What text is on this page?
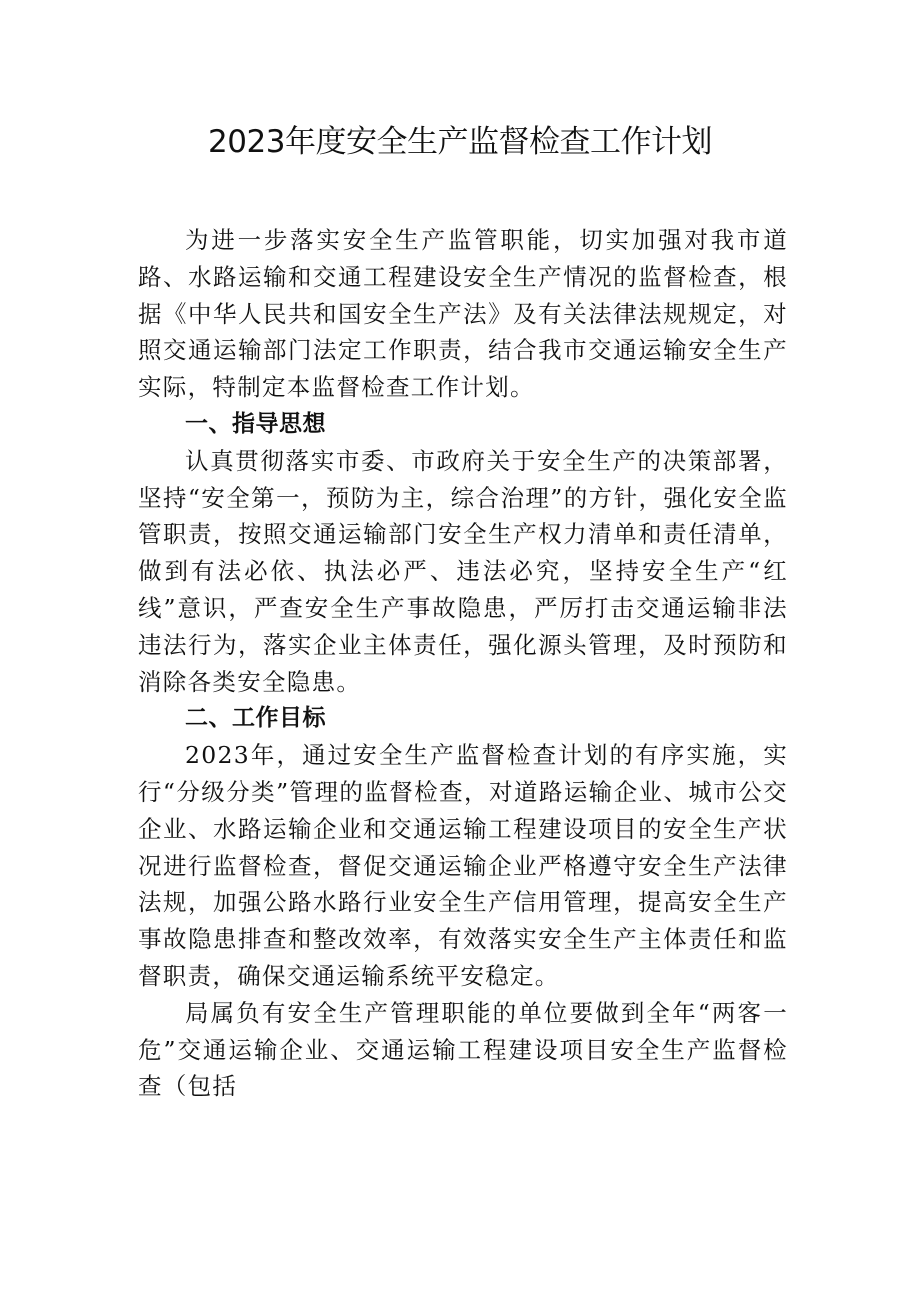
2023年度安全生产监督检查工作计划

为进一步落实安全生产监管职能，切实加强对我市道路、水路运输和交通工程建设安全生产情况的监督检查，根据《中华人民共和国安全生产法》及有关法律法规规定，对照交通运输部门法定工作职责，结合我市交通运输安全生产实际，特制定本监督检查工作计划。

一、指导思想

认真贯彻落实市委、市政府关于安全生产的决策部署，坚持“安全第一，预防为主，综合治理”的方针，强化安全监管职责，按照交通运输部门安全生产权力清单和责任清单，做到有法必依、执法必严、违法必究，坚持安全生产“红线”意识，严查安全生产事故隐患，严厉打击交通运输非法违法行为，落实企业主体责任，强化源头管理，及时预防和消除各类安全隐患。

二、工作目标

2023年，通过安全生产监督检查计划的有序实施，实行“分级分类”管理的监督检查，对道路运输企业、城市公交企业、水路运输企业和交通运输工程建设项目的安全生产状况进行监督检查，督促交通运输企业严格遵守安全生产法律法规，加强公路水路行业安全生产信用管理，提高安全生产事故隐患排查和整改效率，有效落实安全生产主体责任和监督职责，确保交通运输系统平安稳定。

局属负有安全生产管理职能的单位要做到全年“两客一危”交通运输企业、交通运输工程建设项目安全生产监督检查（包括
